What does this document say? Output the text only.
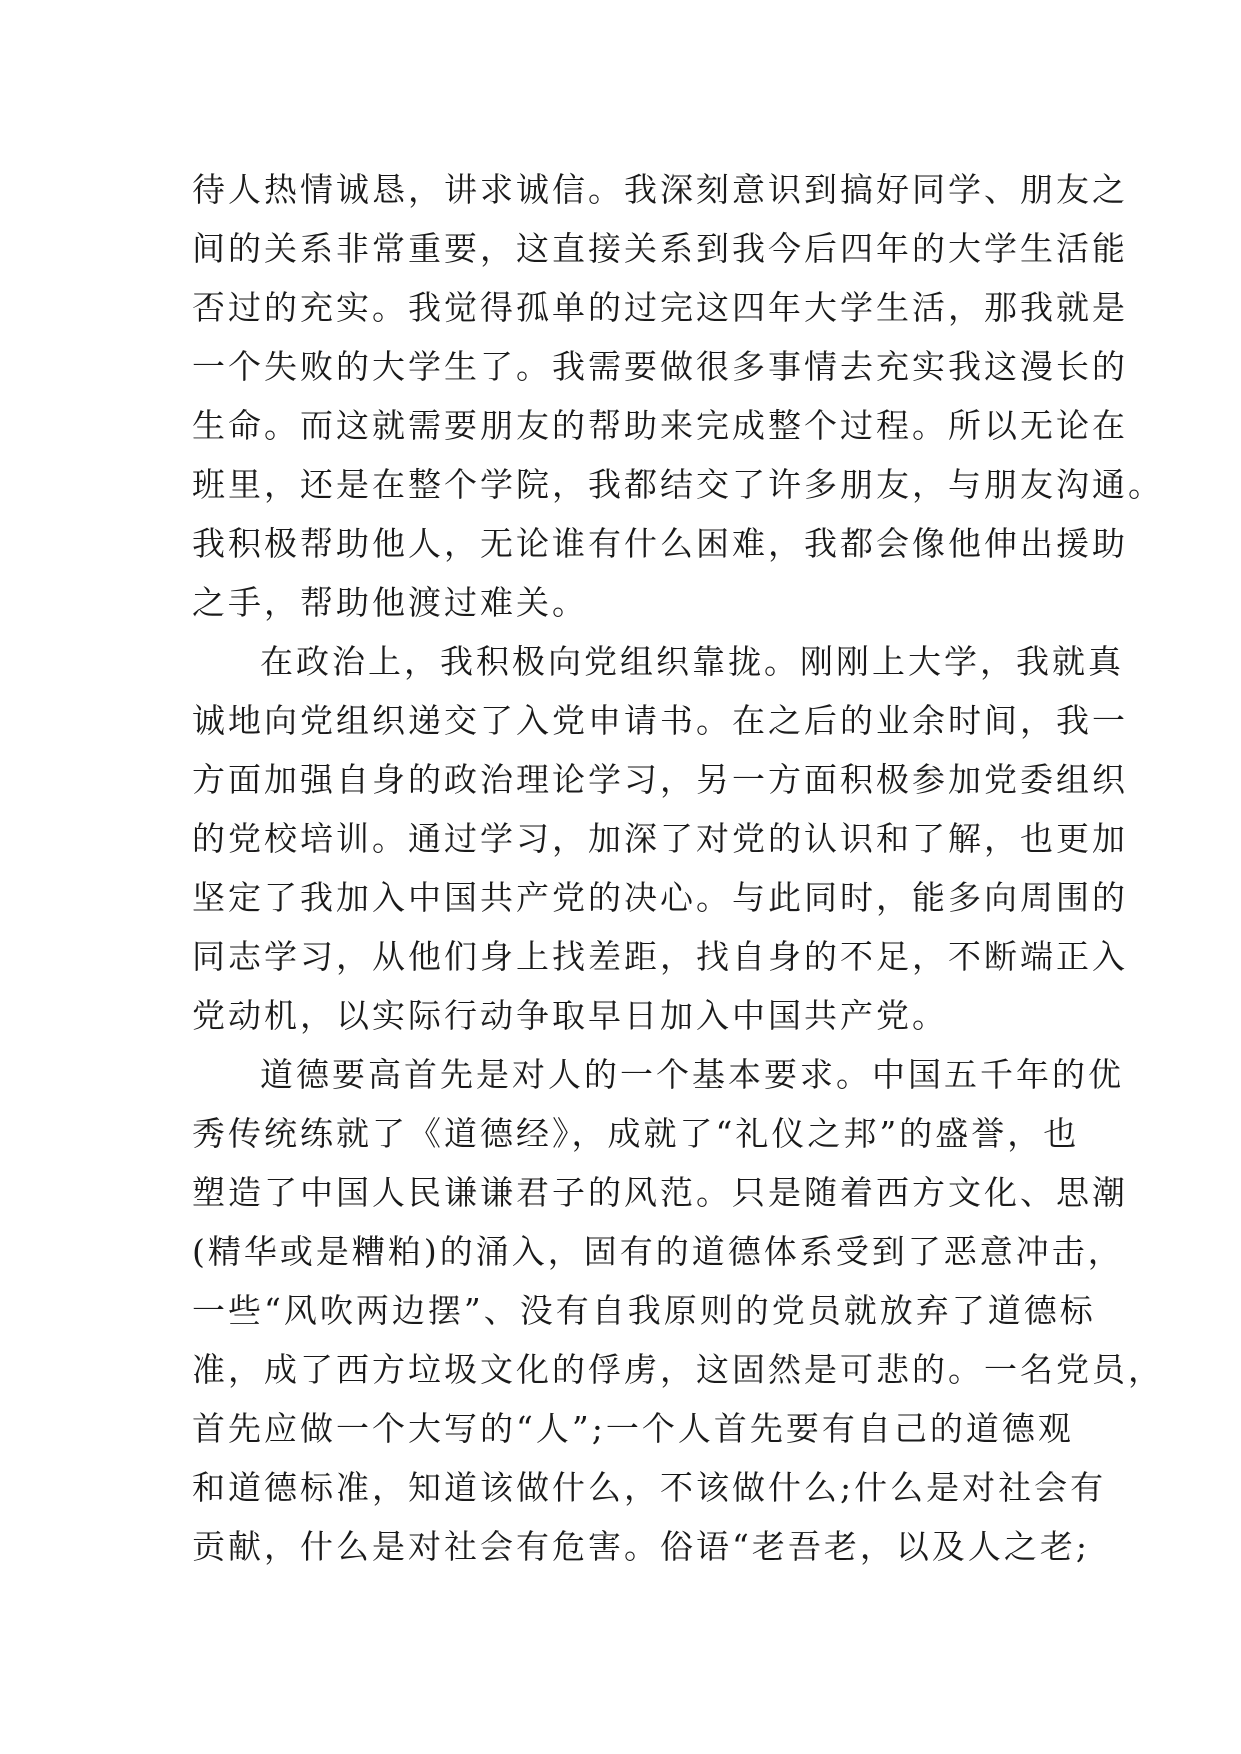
待人热情诚恳，讲求诚信。我深刻意识到搞好同学、朋友之
间的关系非常重要，这直接关系到我今后四年的大学生活能
否过的充实。我觉得孤单的过完这四年大学生活，那我就是
一个失败的大学生了。我需要做很多事情去充实我这漫长的
生命。而这就需要朋友的帮助来完成整个过程。所以无论在
班里，还是在整个学院，我都结交了许多朋友，与朋友沟通。
我积极帮助他人，无论谁有什么困难，我都会像他伸出援助
之手，帮助他渡过难关。
在政治上，我积极向党组织靠拢。刚刚上大学，我就真
诚地向党组织递交了入党申请书。在之后的业余时间，我一
方面加强自身的政治理论学习，另一方面积极参加党委组织
的党校培训。通过学习，加深了对党的认识和了解，也更加
坚定了我加入中国共产党的决心。与此同时，能多向周围的
同志学习，从他们身上找差距，找自身的不足，不断端正入
党动机，以实际行动争取早日加入中国共产党。
道德要高首先是对人的一个基本要求。中国五千年的优
秀传统练就了《道德经》，成就了“礼仪之邦”的盛誉，也
塑造了中国人民谦谦君子的风范。只是随着西方文化、思潮
(精华或是糟粕)的涌入，固有的道德体系受到了恶意冲击，
一些“风吹两边摆”、没有自我原则的党员就放弃了道德标
准，成了西方垃圾文化的俘虏，这固然是可悲的。一名党员，
首先应做一个大写的“人”;一个人首先要有自己的道德观
和道德标准，知道该做什么，不该做什么;什么是对社会有
贡献，什么是对社会有危害。俗语“老吾老，以及人之老;
